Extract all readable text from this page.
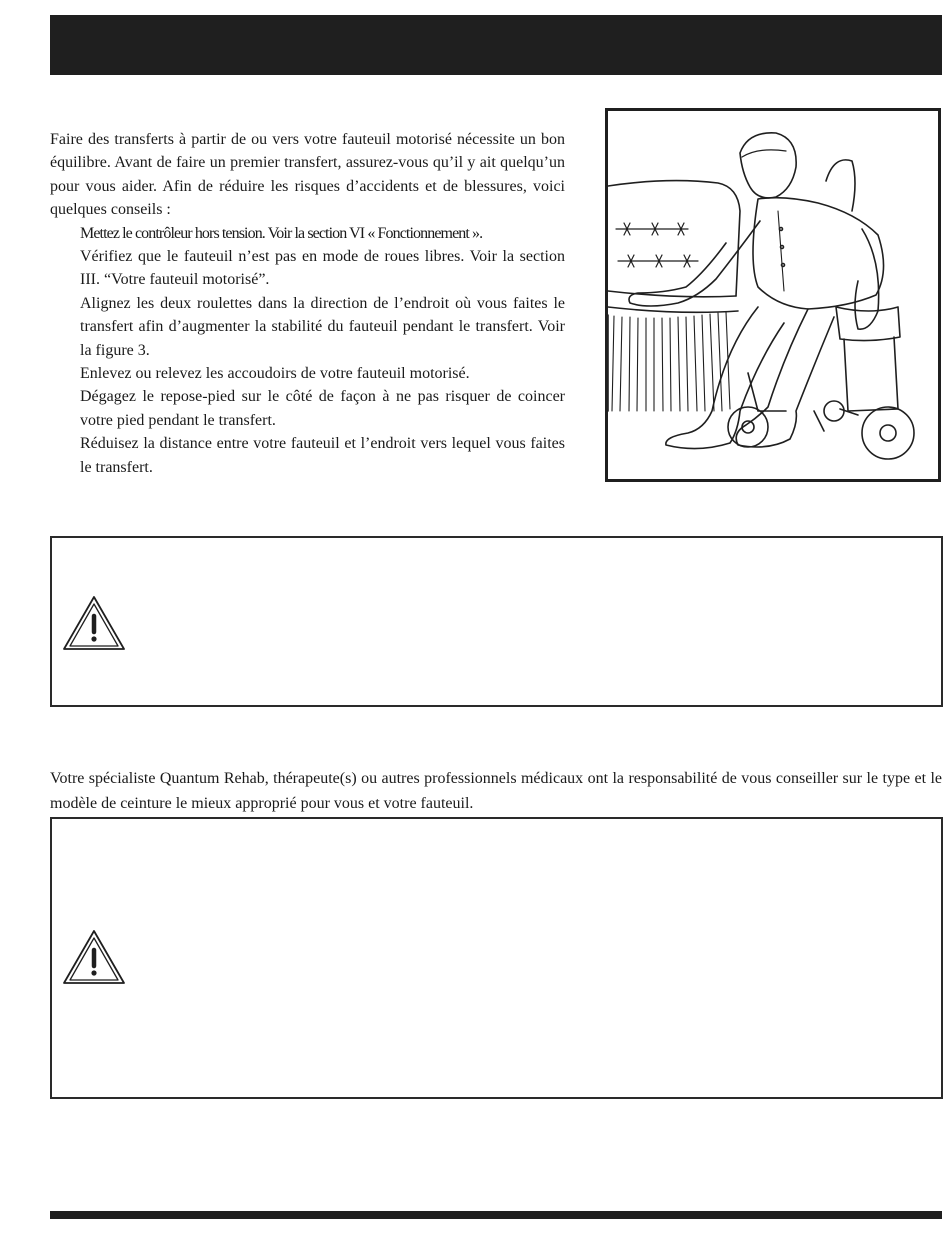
Faire des transferts à partir de ou vers votre fauteuil motorisé nécessite un bon équilibre. Avant de faire un premier transfert, assurez-vous qu’il y ait quelqu’un pour vous aider. Afin de réduire les risques d’accidents et de blessures, voici quelques conseils :

Mettez le contrôleur hors tension. Voir la section VI « Fonctionnement ».
Vérifiez que le fauteuil n’est pas en mode de roues libres. Voir la section III. “Votre fauteuil motorisé”.
Alignez les deux roulettes dans la direction de l’endroit où vous faites le transfert afin d’augmenter la stabilité du fauteuil pendant le transfert. Voir la figure 3.
Enlevez ou relevez les accoudoirs de votre fauteuil motorisé.
Dégagez le repose-pied sur le côté de façon à ne pas risquer de coincer votre pied pendant le transfert.
Réduisez la distance entre votre fauteuil et l’endroit vers lequel vous faites le transfert.

Votre spécialiste Quantum Rehab, thérapeute(s) ou autres professionnels médicaux ont la responsabilité de vous conseiller sur le type et le modèle de ceinture le mieux approprié pour vous et votre fauteuil.
